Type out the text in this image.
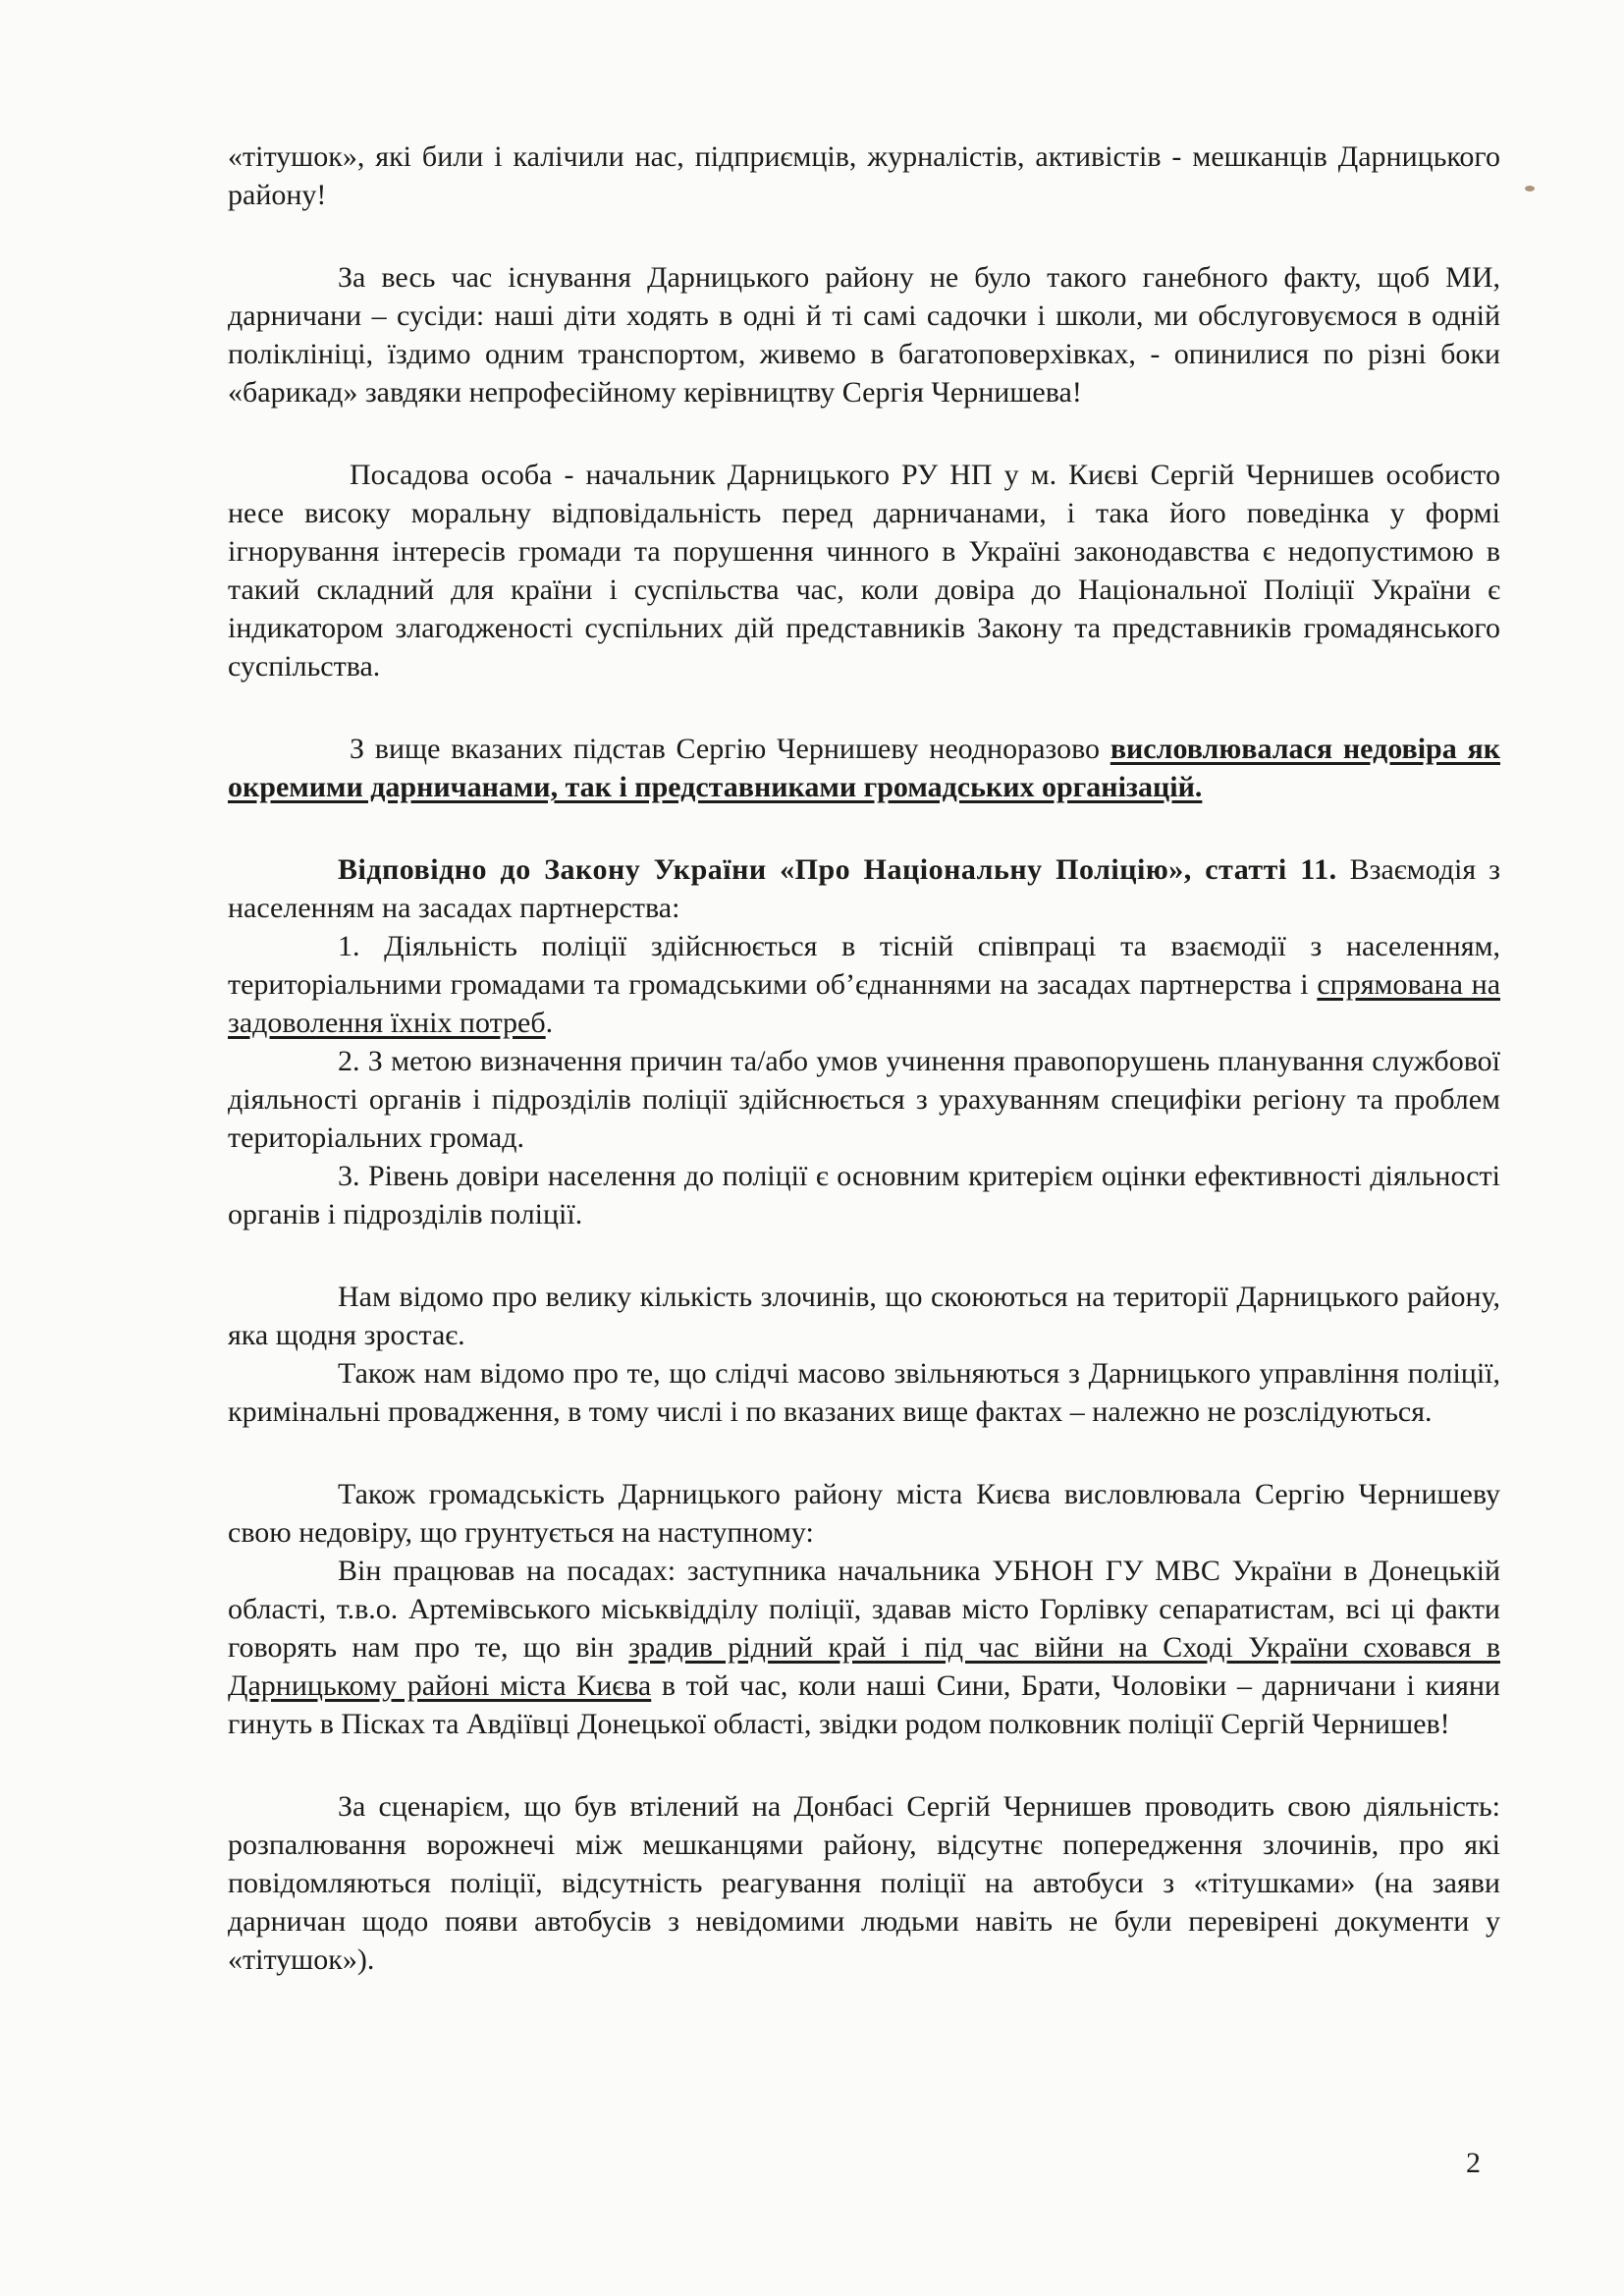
«тітушок», які били і калічили нас, підприємців, журналістів, активістів - мешканців Дарницького району!

За весь час існування Дарницького району не було такого ганебного факту, щоб МИ, дарничани – сусіди: наші діти ходять в одні й ті самі садочки і школи, ми обслуговуємося в одній поліклініці, їздимо одним транспортом, живемо в багатоповерхівках, - опинилися по різні боки «барикад» завдяки непрофесійному керівництву Сергія Чернишева!

Посадова особа - начальник Дарницького РУ НП у м. Києві Сергій Чернишев особисто несе високу моральну відповідальність перед дарничанами, і така його поведінка у формі ігнорування інтересів громади та порушення чинного в Україні законодавства є недопустимою в такий складний для країни і суспільства час, коли довіра до Національної Поліції України є індикатором злагодженості суспільних дій представників Закону та представників громадянського суспільства.

З вище вказаних підстав Сергію Чернишеву неодноразово висловлювалася недовіра як окремими дарничанами, так і представниками громадських організацій.

Відповідно до Закону України «Про Національну Поліцію», статті 11. Взаємодія з населенням на засадах партнерства:

1. Діяльність поліції здійснюється в тісній співпраці та взаємодії з населенням, територіальними громадами та громадськими об’єднаннями на засадах партнерства і спрямована на задоволення їхніх потреб.

2. З метою визначення причин та/або умов учинення правопорушень планування службової діяльності органів і підрозділів поліції здійснюється з урахуванням специфіки регіону та проблем територіальних громад.

3. Рівень довіри населення до поліції є основним критерієм оцінки ефективності діяльності органів і підрозділів поліції.

Нам відомо про велику кількість злочинів, що скоюються на території Дарницького району, яка щодня зростає.

Також нам відомо про те, що слідчі масово звільняються з Дарницького управління поліції, кримінальні провадження, в тому числі і по вказаних вище фактах – належно не розслідуються.

Також громадськість Дарницького району міста Києва висловлювала Сергію Чернишеву свою недовіру, що грунтується на наступному:

Він працював на посадах: заступника начальника УБНОН ГУ МВС України в Донецькій області, т.в.о. Артемівського міськвідділу поліції, здавав місто Горлівку сепаратистам, всі ці факти говорять нам про те, що він зрадив рідний край і під час війни на Сході України сховався в Дарницькому районі міста Києва в той час, коли наші Сини, Брати, Чоловіки – дарничани і кияни гинуть в Пісках та Авдіївці Донецької області, звідки родом полковник поліції Сергій Чернишев!

За сценарієм, що був втілений на Донбасі Сергій Чернишев проводить свою діяльність: розпалювання ворожнечі між мешканцями району, відсутнє попередження злочинів, про які повідомляються поліції, відсутність реагування поліції на автобуси з «тітушками» (на заяви дарничан щодо появи автобусів з невідомими людьми навіть не були перевірені документи у «тітушок»).

2
